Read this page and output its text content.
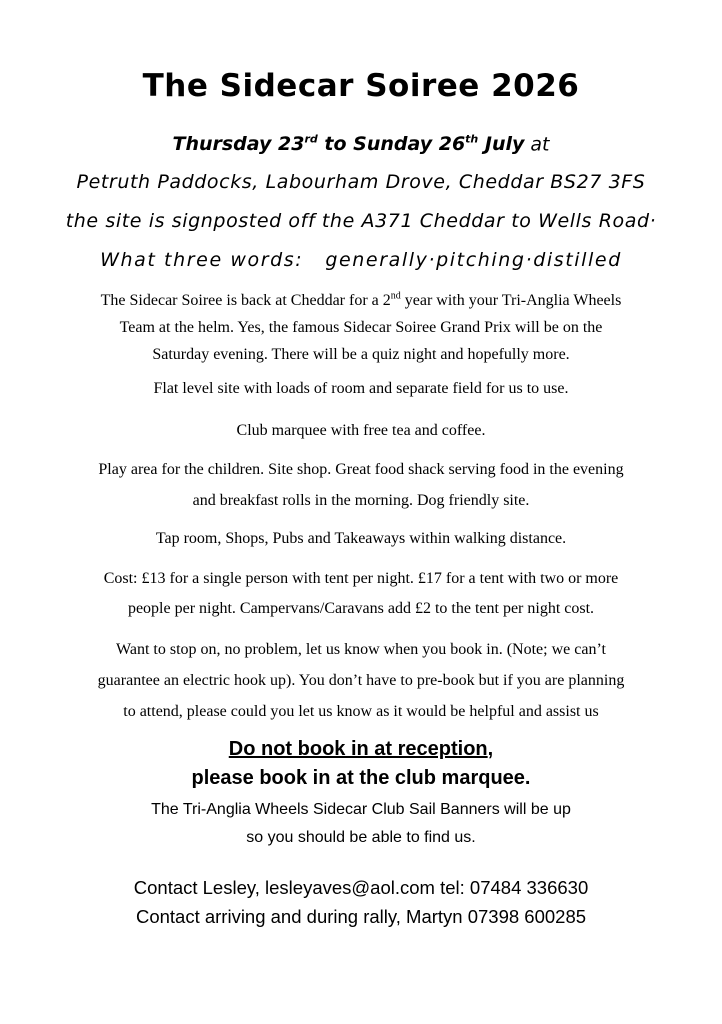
The Sidecar Soiree 2026
Thursday 23rd to Sunday 26th July at
Petruth Paddocks, Labourham Drove, Cheddar BS27 3FS
the site is signposted off the A371 Cheddar to Wells Road·
What three words: generally·pitching·distilled
The Sidecar Soiree is back at Cheddar for a 2nd year with your Tri-Anglia Wheels
Team at the helm. Yes, the famous Sidecar Soiree Grand Prix will be on the
Saturday evening. There will be a quiz night and hopefully more.
Flat level site with loads of room and separate field for us to use.
Club marquee with free tea and coffee.
Play area for the children. Site shop. Great food shack serving food in the evening
and breakfast rolls in the morning. Dog friendly site.
Tap room, Shops, Pubs and Takeaways within walking distance.
Cost: £13 for a single person with tent per night. £17 for a tent with two or more
people per night. Campervans/Caravans add £2 to the tent per night cost.
Want to stop on, no problem, let us know when you book in. (Note; we can’t
guarantee an electric hook up). You don’t have to pre-book but if you are planning
to attend, please could you let us know as it would be helpful and assist us
Do not book in at reception,
please book in at the club marquee.
The Tri-Anglia Wheels Sidecar Club Sail Banners will be up
so you should be able to find us.
Contact Lesley, lesleyaves@aol.com tel: 07484 336630
Contact arriving and during rally, Martyn 07398 600285
